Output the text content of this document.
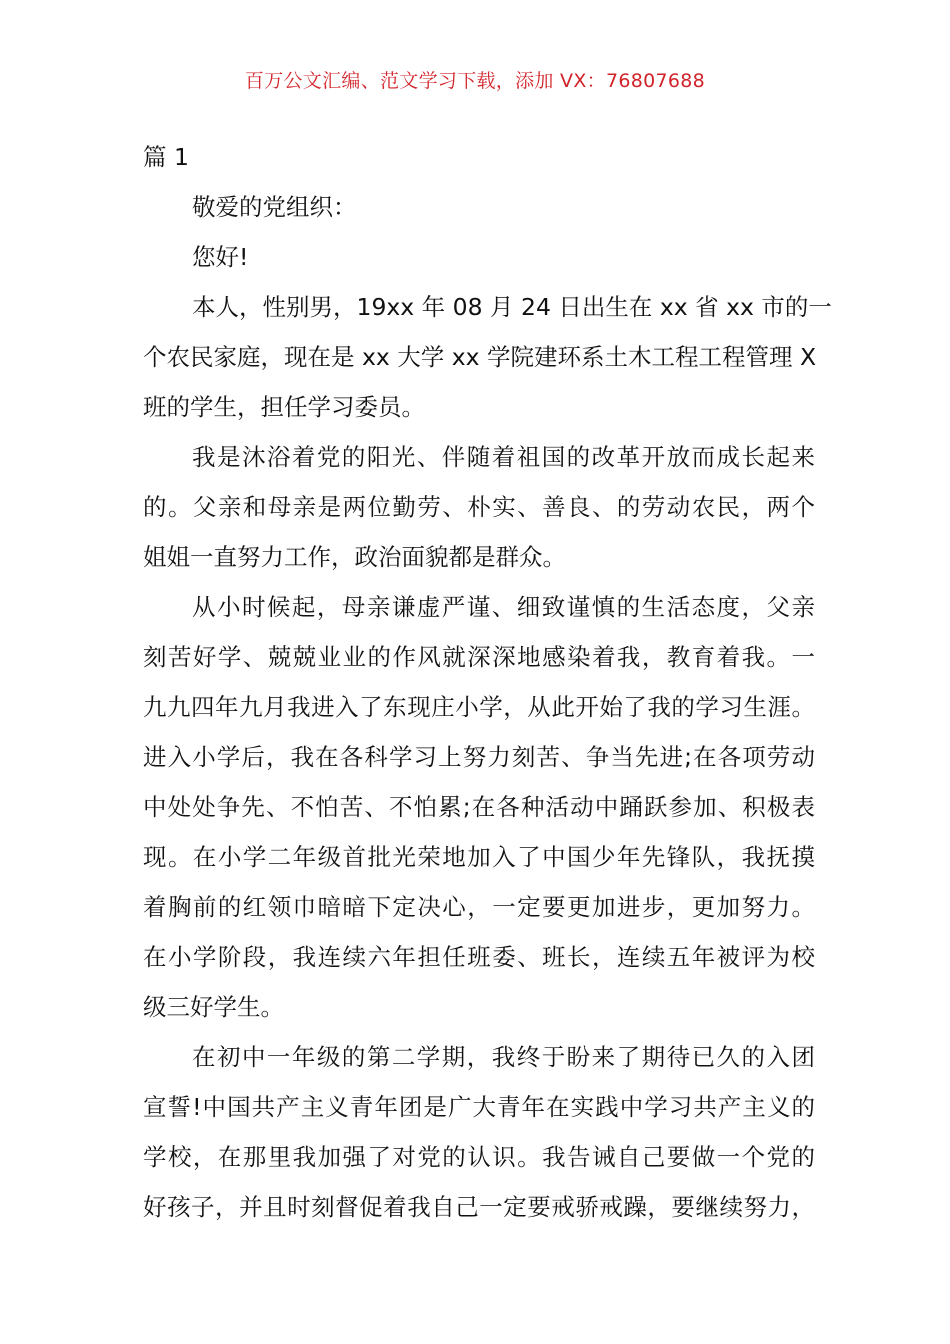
百万公文汇编、范文学习下载，添加 VX：76807688

篇 1

敬爱的党组织：

您好!

本人，性别男，19xx 年 08 月 24 日出生在 xx 省 xx 市的一
个农民家庭，现在是 xx 大学 xx 学院建环系土木工程工程管理 X
班的学生，担任学习委员。
我是沐浴着党的阳光、伴随着祖国的改革开放而成长起来
的。父亲和母亲是两位勤劳、朴实、善良、的劳动农民，两个
姐姐一直努力工作，政治面貌都是群众。
从小时候起，母亲谦虚严谨、细致谨慎的生活态度，父亲
刻苦好学、兢兢业业的作风就深深地感染着我，教育着我。一
九九四年九月我进入了东现庄小学，从此开始了我的学习生涯。
进入小学后，我在各科学习上努力刻苦、争当先进;在各项劳动
中处处争先、不怕苦、不怕累;在各种活动中踊跃参加、积极表
现。在小学二年级首批光荣地加入了中国少年先锋队，我抚摸
着胸前的红领巾暗暗下定决心，一定要更加进步，更加努力。
在小学阶段，我连续六年担任班委、班长，连续五年被评为校
级三好学生。
在初中一年级的第二学期，我终于盼来了期待已久的入团
宣誓!中国共产主义青年团是广大青年在实践中学习共产主义的
学校，在那里我加强了对党的认识。我告诫自己要做一个党的
好孩子，并且时刻督促着我自己一定要戒骄戒躁，要继续努力，
